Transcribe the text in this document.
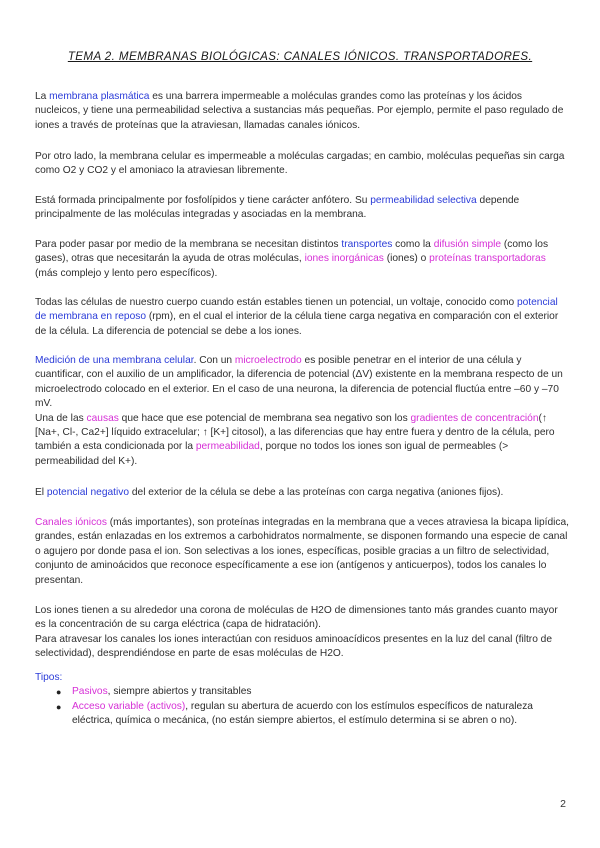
TEMA 2. MEMBRANAS BIOLÓGICAS: CANALES IÓNICOS. TRANSPORTADORES.
La membrana plasmática es una barrera impermeable a moléculas grandes como las proteínas y los ácidos nucleicos, y tiene una permeabilidad selectiva a sustancias más pequeñas. Por ejemplo, permite el paso regulado de iones a través de proteínas que la atraviesan, llamadas canales iónicos.
Por otro lado, la membrana celular es impermeable a moléculas cargadas; en cambio, moléculas pequeñas sin carga como O2 y CO2 y el amoniaco la atraviesan libremente.
Está formada principalmente por fosfolípidos y tiene carácter anfótero. Su permeabilidad selectiva depende principalmente de las moléculas integradas y asociadas en la membrana.
Para poder pasar por medio de la membrana se necesitan distintos transportes como la difusión simple (como los gases), otras que necesitarán la ayuda de otras moléculas, iones inorgánicas (iones) o proteínas transportadoras (más complejo y lento pero específicos).
Todas las células de nuestro cuerpo cuando están estables tienen un potencial, un voltaje, conocido como potencial de membrana en reposo (rpm), en el cual el interior de la célula tiene carga negativa en comparación con el exterior de la célula. La diferencia de potencial se debe a los iones.
Medición de una membrana celular. Con un microelectrodo es posible penetrar en el interior de una célula y cuantificar, con el auxilio de un amplificador, la diferencia de potencial (ΔV) existente en la membrana respecto de un microelectrodo colocado en el exterior. En el caso de una neurona, la diferencia de potencial fluctúa entre –60 y –70 mV.
Una de las causas que hace que ese potencial de membrana sea negativo son los gradientes de concentración(↑ [Na+, Cl-, Ca2+] líquido extracelular; ↑ [K+] citosol), a las diferencias que hay entre fuera y dentro de la célula, pero también a esta condicionada por la permeabilidad, porque no todos los iones son igual de permeables (> permeabilidad del K+).
El potencial negativo del exterior de la célula se debe a las proteínas con carga negativa (aniones fijos).
Canales iónicos (más importantes), son proteínas integradas en la membrana que a veces atraviesa la bicapa lipídica, grandes, están enlazadas en los extremos a carbohidratos normalmente, se disponen formando una especie de canal o agujero por donde pasa el ion. Son selectivas a los iones, específicas, posible gracias a un filtro de selectividad, conjunto de aminoácidos que reconoce específicamente a ese ion (antígenos y anticuerpos), todos los canales lo presentan.
Los iones tienen a su alrededor una corona de moléculas de H2O de dimensiones tanto más grandes cuanto mayor es la concentración de su carga eléctrica (capa de hidratación).
Para atravesar los canales los iones interactúan con residuos aminoacídicos presentes en la luz del canal (filtro de selectividad), desprendiéndose en parte de esas moléculas de H2O.
Tipos:
● Pasivos, siempre abiertos y transitables
● Acceso variable (activos), regulan su abertura de acuerdo con los estímulos específicos de naturaleza eléctrica, química o mecánica, (no están siempre abiertos, el estímulo determina si se abren o no).
2
